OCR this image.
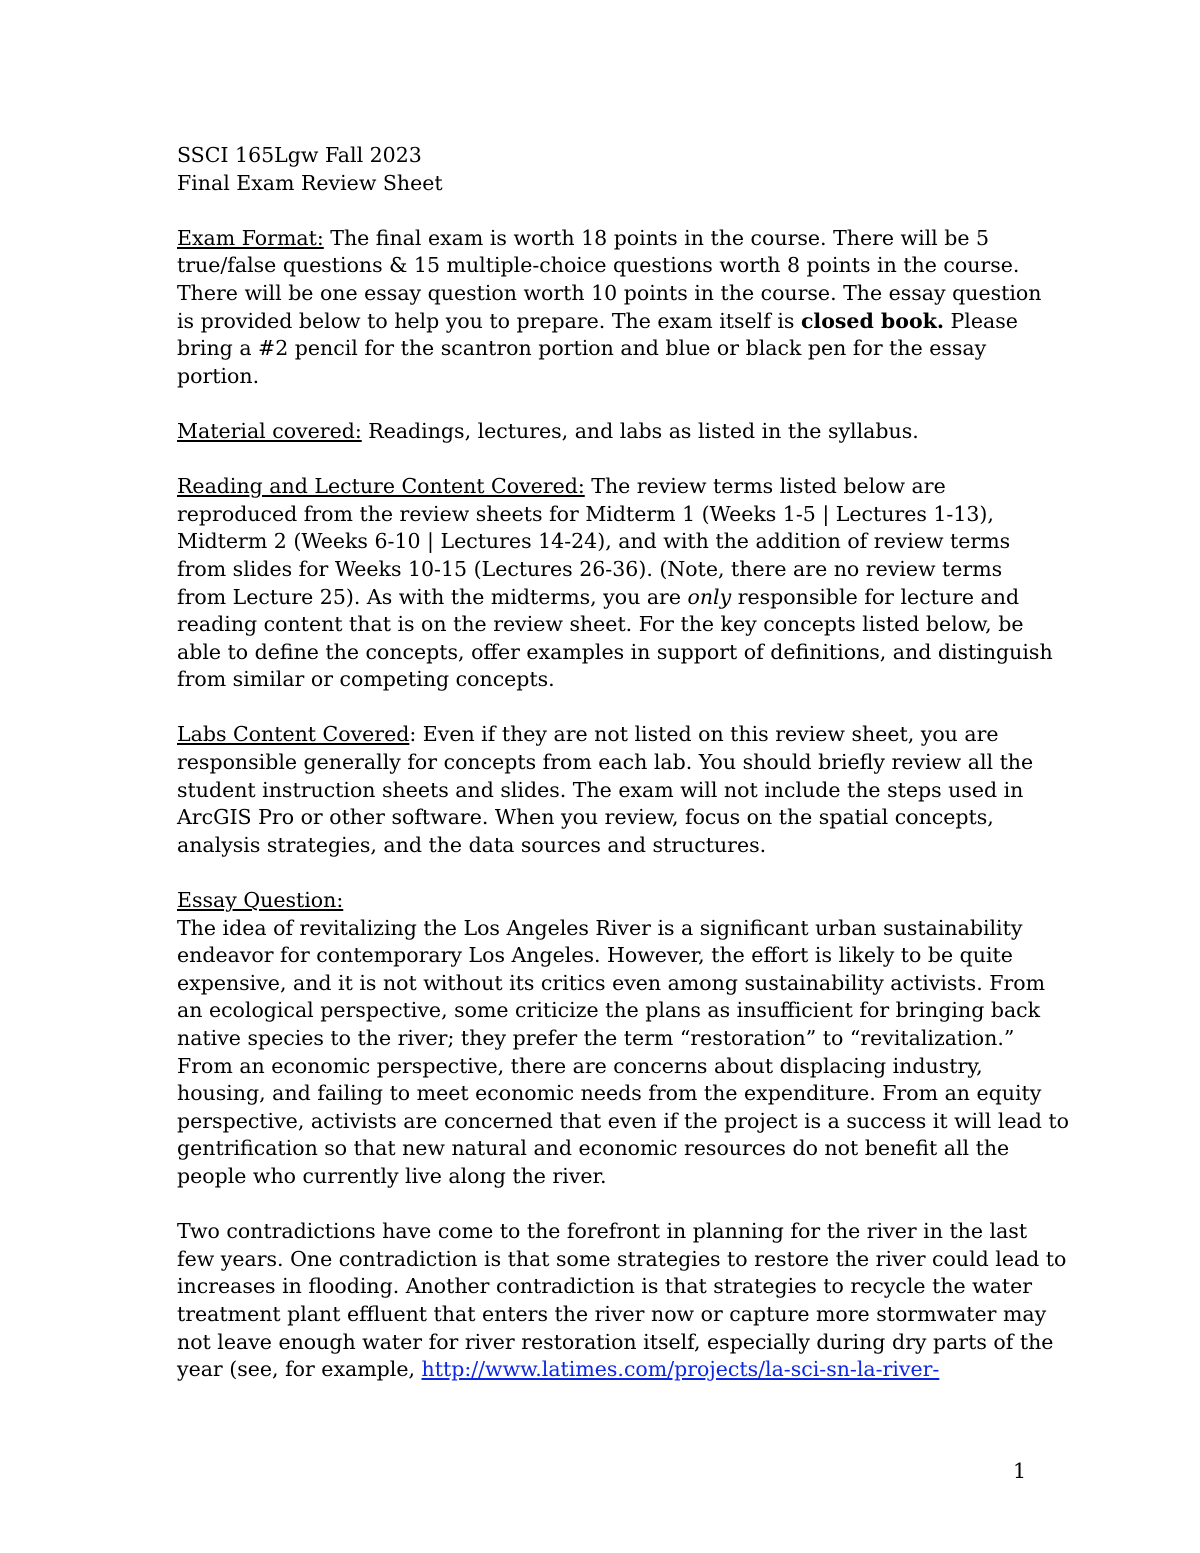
SSCI 165Lgw Fall 2023
Final Exam Review Sheet
Exam Format: The final exam is worth 18 points in the course. There will be 5
true/false questions & 15 multiple-choice questions worth 8 points in the course.
There will be one essay question worth 10 points in the course. The essay question
is provided below to help you to prepare. The exam itself is closed book. Please
bring a #2 pencil for the scantron portion and blue or black pen for the essay
portion.
Material covered: Readings, lectures, and labs as listed in the syllabus.
Reading and Lecture Content Covered: The review terms listed below are
reproduced from the review sheets for Midterm 1 (Weeks 1-5 | Lectures 1-13),
Midterm 2 (Weeks 6-10 | Lectures 14-24), and with the addition of review terms
from slides for Weeks 10-15 (Lectures 26-36). (Note, there are no review terms
from Lecture 25). As with the midterms, you are only responsible for lecture and
reading content that is on the review sheet. For the key concepts listed below, be
able to define the concepts, offer examples in support of definitions, and distinguish
from similar or competing concepts.
Labs Content Covered: Even if they are not listed on this review sheet, you are
responsible generally for concepts from each lab. You should briefly review all the
student instruction sheets and slides. The exam will not include the steps used in
ArcGIS Pro or other software. When you review, focus on the spatial concepts,
analysis strategies, and the data sources and structures.
Essay Question:
The idea of revitalizing the Los Angeles River is a significant urban sustainability
endeavor for contemporary Los Angeles. However, the effort is likely to be quite
expensive, and it is not without its critics even among sustainability activists. From
an ecological perspective, some criticize the plans as insufficient for bringing back
native species to the river; they prefer the term “restoration” to “revitalization.”
From an economic perspective, there are concerns about displacing industry,
housing, and failing to meet economic needs from the expenditure. From an equity
perspective, activists are concerned that even if the project is a success it will lead to
gentrification so that new natural and economic resources do not benefit all the
people who currently live along the river.
Two contradictions have come to the forefront in planning for the river in the last
few years. One contradiction is that some strategies to restore the river could lead to
increases in flooding. Another contradiction is that strategies to recycle the water
treatment plant effluent that enters the river now or capture more stormwater may
not leave enough water for river restoration itself, especially during dry parts of the
year (see, for example, http://www.latimes.com/projects/la-sci-sn-la-river-
1
